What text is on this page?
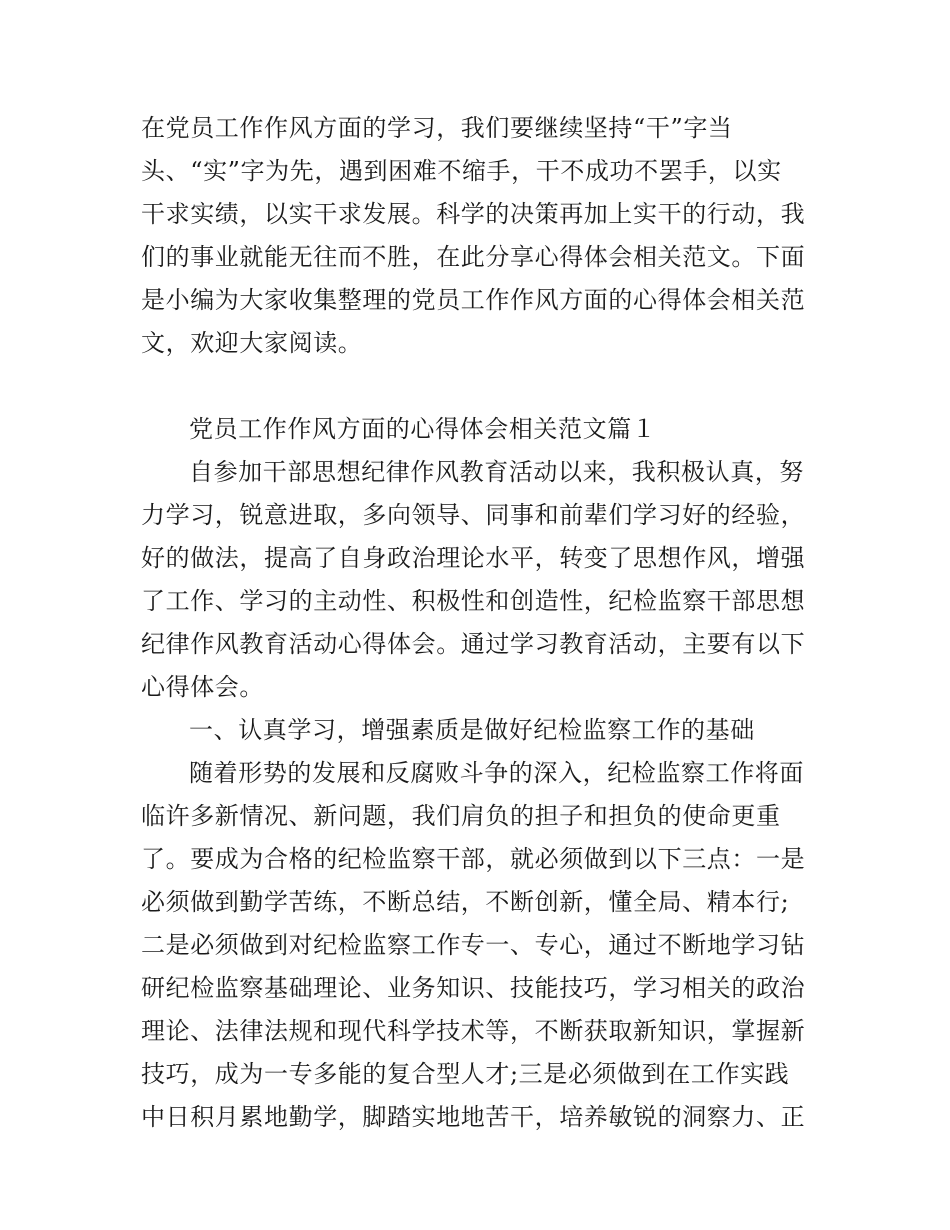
在党员工作作风方面的学习，我们要继续坚持“干”字当
头、“实”字为先，遇到困难不缩手，干不成功不罢手，以实
干求实绩，以实干求发展。科学的决策再加上实干的行动，我
们的事业就能无往而不胜，在此分享心得体会相关范文。下面
是小编为大家收集整理的党员工作作风方面的心得体会相关范
文，欢迎大家阅读。
党员工作作风方面的心得体会相关范文篇１
自参加干部思想纪律作风教育活动以来，我积极认真，努
力学习，锐意进取，多向领导、同事和前辈们学习好的经验，
好的做法，提高了自身政治理论水平，转变了思想作风，增强
了工作、学习的主动性、积极性和创造性，纪检监察干部思想
纪律作风教育活动心得体会。通过学习教育活动，主要有以下
心得体会。
一、认真学习，增强素质是做好纪检监察工作的基础
随着形势的发展和反腐败斗争的深入，纪检监察工作将面
临许多新情况、新问题，我们肩负的担子和担负的使命更重
了。要成为合格的纪检监察干部，就必须做到以下三点：一是
必须做到勤学苦练，不断总结，不断创新，懂全局、精本行;
二是必须做到对纪检监察工作专一、专心，通过不断地学习钻
研纪检监察基础理论、业务知识、技能技巧，学习相关的政治
理论、法律法规和现代科学技术等，不断获取新知识，掌握新
技巧，成为一专多能的复合型人才;三是必须做到在工作实践
中日积月累地勤学，脚踏实地地苦干，培养敏锐的洞察力、正
